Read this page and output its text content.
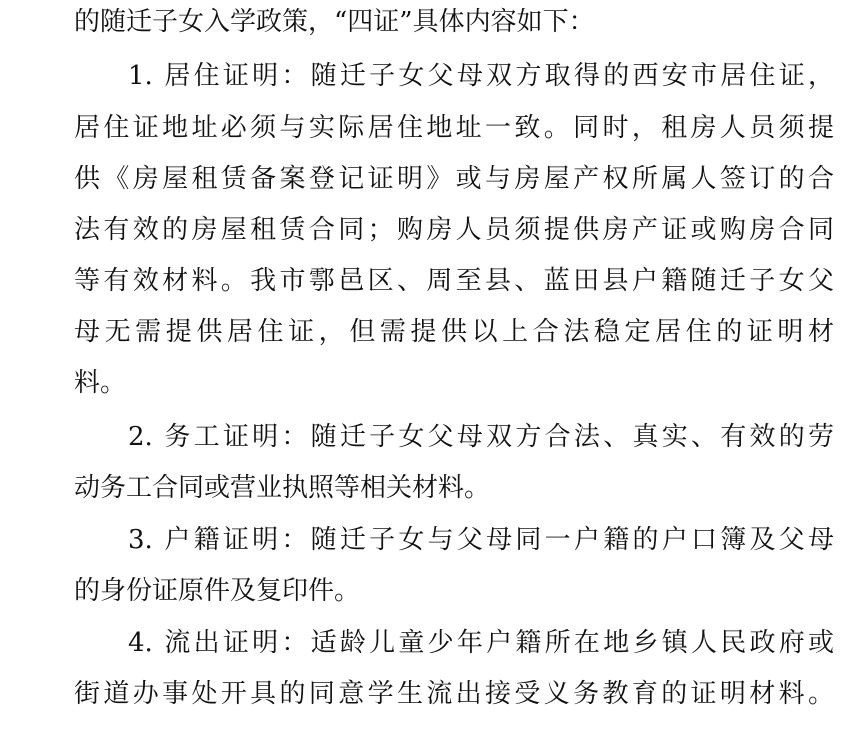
的随迁子女入学政策，“四证”具体内容如下：
1. 居住证明：随迁子女父母双方取得的西安市居住证，
居住证地址必须与实际居住地址一致。同时，租房人员须提
供《房屋租赁备案登记证明》或与房屋产权所属人签订的合
法有效的房屋租赁合同；购房人员须提供房产证或购房合同
等有效材料。我市鄠邑区、周至县、蓝田县户籍随迁子女父
母无需提供居住证，但需提供以上合法稳定居住的证明材
料。
2. 务工证明：随迁子女父母双方合法、真实、有效的劳
动务工合同或营业执照等相关材料。
3. 户籍证明：随迁子女与父母同一户籍的户口簿及父母
的身份证原件及复印件。
4. 流出证明：适龄儿童少年户籍所在地乡镇人民政府或
街道办事处开具的同意学生流出接受义务教育的证明材料。
